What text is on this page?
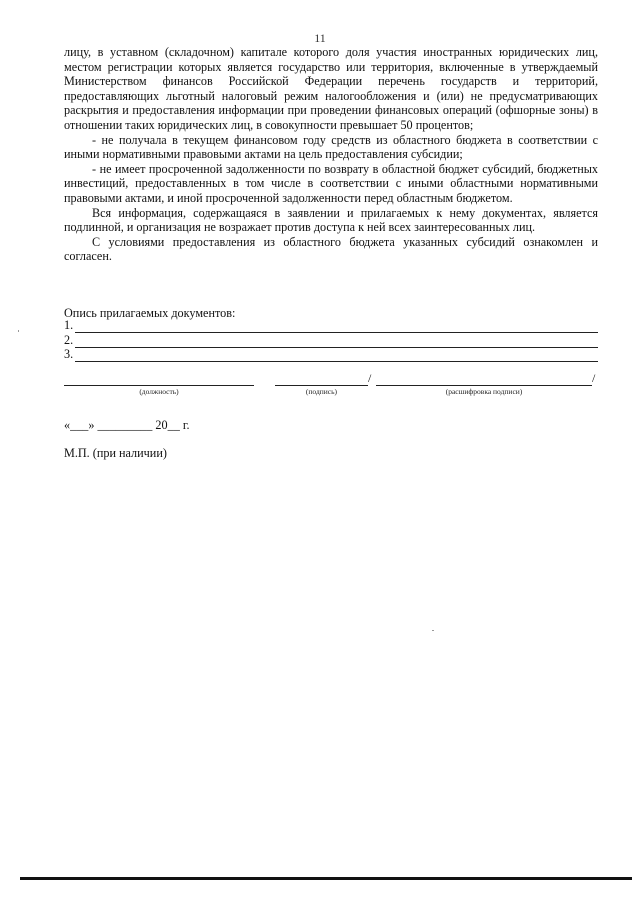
11

лицу, в уставном (складочном) капитале которого доля участия иностранных юридических лиц, местом регистрации которых является государство или территория, включенные в утверждаемый Министерством финансов Российской Федерации перечень государств и территорий, предоставляющих льготный налоговый режим налогообложения и (или) не предусматривающих раскрытия и предоставления информации при проведении финансовых операций (офшорные зоны) в отношении таких юридических лиц, в совокупности превышает 50 процентов;

- не получала в текущем финансовом году средств из областного бюджета в соответствии с иными нормативными правовыми актами на цель предоставления субсидии;

- не имеет просроченной задолженности по возврату в областной бюджет субсидий, бюджетных инвестиций, предоставленных в том числе в соответствии с иными областными нормативными правовыми актами, и иной просроченной задолженности перед областным бюджетом.

Вся информация, содержащаяся в заявлении и прилагаемых к нему документах, является подлинной, и организация не возражает против доступа к ней всех заинтересованных лиц.

С условиями предоставления из областного бюджета указанных субсидий ознакомлен и согласен.

Опись прилагаемых документов:
1.
2.
3.
(должность)	(подпись)
/
(расшифровка подписи)
/
«___» _________ 20__ г.
М.П. (при наличии)
